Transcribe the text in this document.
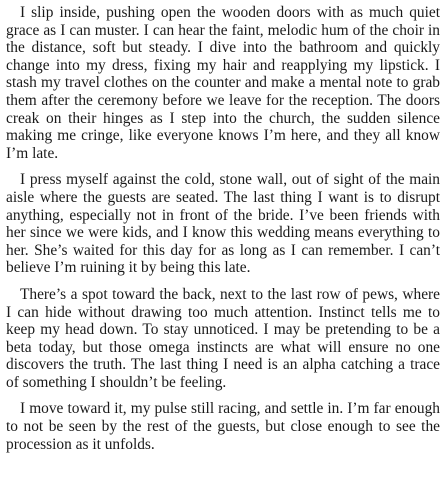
I slip inside, pushing open the wooden doors with as much quiet grace as I can muster. I can hear the faint, melodic hum of the choir in the distance, soft but steady. I dive into the bathroom and quickly change into my dress, fixing my hair and reapplying my lipstick. I stash my travel clothes on the counter and make a mental note to grab them after the ceremony before we leave for the reception. The doors creak on their hinges as I step into the church, the sudden silence making me cringe, like everyone knows I’m here, and they all know I’m late.

I press myself against the cold, stone wall, out of sight of the main aisle where the guests are seated. The last thing I want is to disrupt anything, especially not in front of the bride. I’ve been friends with her since we were kids, and I know this wedding means everything to her. She’s waited for this day for as long as I can remember. I can’t believe I’m ruining it by being this late.

There’s a spot toward the back, next to the last row of pews, where I can hide without drawing too much attention. Instinct tells me to keep my head down. To stay unnoticed. I may be pretending to be a beta today, but those omega instincts are what will ensure no one discovers the truth. The last thing I need is an alpha catching a trace of something I shouldn’t be feeling.

I move toward it, my pulse still racing, and settle in. I’m far enough to not be seen by the rest of the guests, but close enough to see the procession as it unfolds.
